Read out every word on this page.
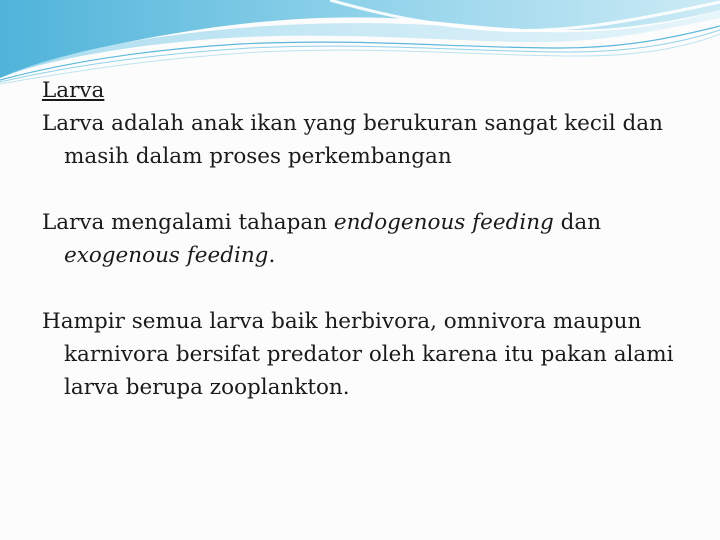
Larva

Larva adalah anak ikan yang berukuran sangat kecil dan masih dalam proses perkembangan

Larva mengalami tahapan endogenous feeding dan exogenous feeding.

Hampir semua larva baik herbivora, omnivora maupun karnivora bersifat predator oleh karena itu pakan alami larva berupa zooplankton.
